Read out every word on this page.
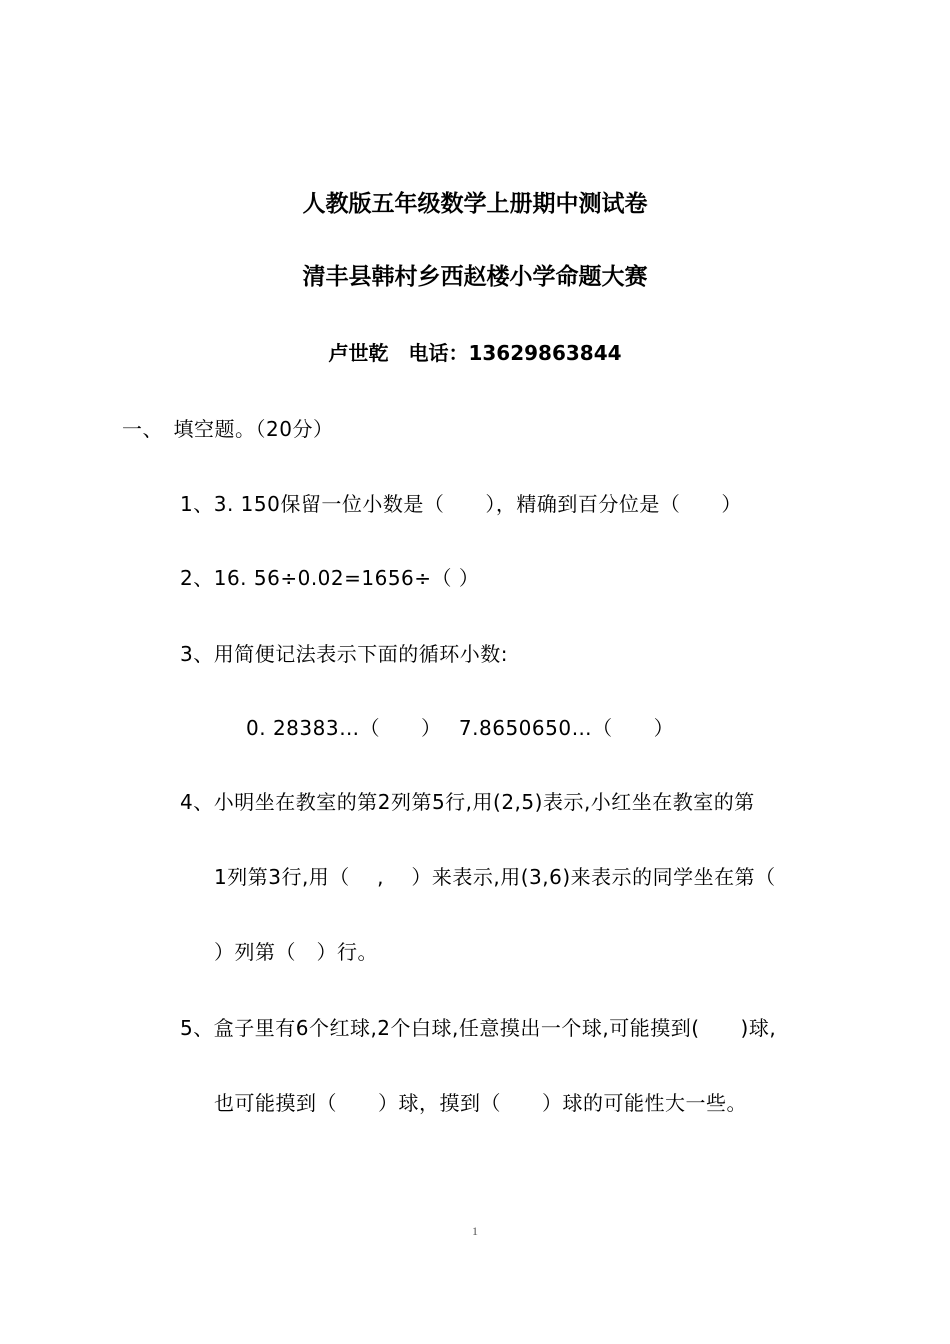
人教版五年级数学上册期中测试卷
清丰县韩村乡西赵楼小学命题大赛
卢世乾　电话：13629863844
一、　填空题。（20分）
1、3. 150保留一位小数是（　　），精确到百分位是（　　）
2、16. 56÷0.02=1656÷（ ）
3、用简便记法表示下面的循环小数:
0. 28383…（　　）　 7.8650650…（　　）
4、小明坐在教室的第2列第5行,用(2,5)表示,小红坐在教室的第
1列第3行,用（　 ,　 ）来表示,用(3,6)来表示的同学坐在第（
）列第（　）行。
5、盒子里有6个红球,2个白球,任意摸出一个球,可能摸到(　　)球,
也可能摸到（　　）球，摸到（　　）球的可能性大一些。
1
